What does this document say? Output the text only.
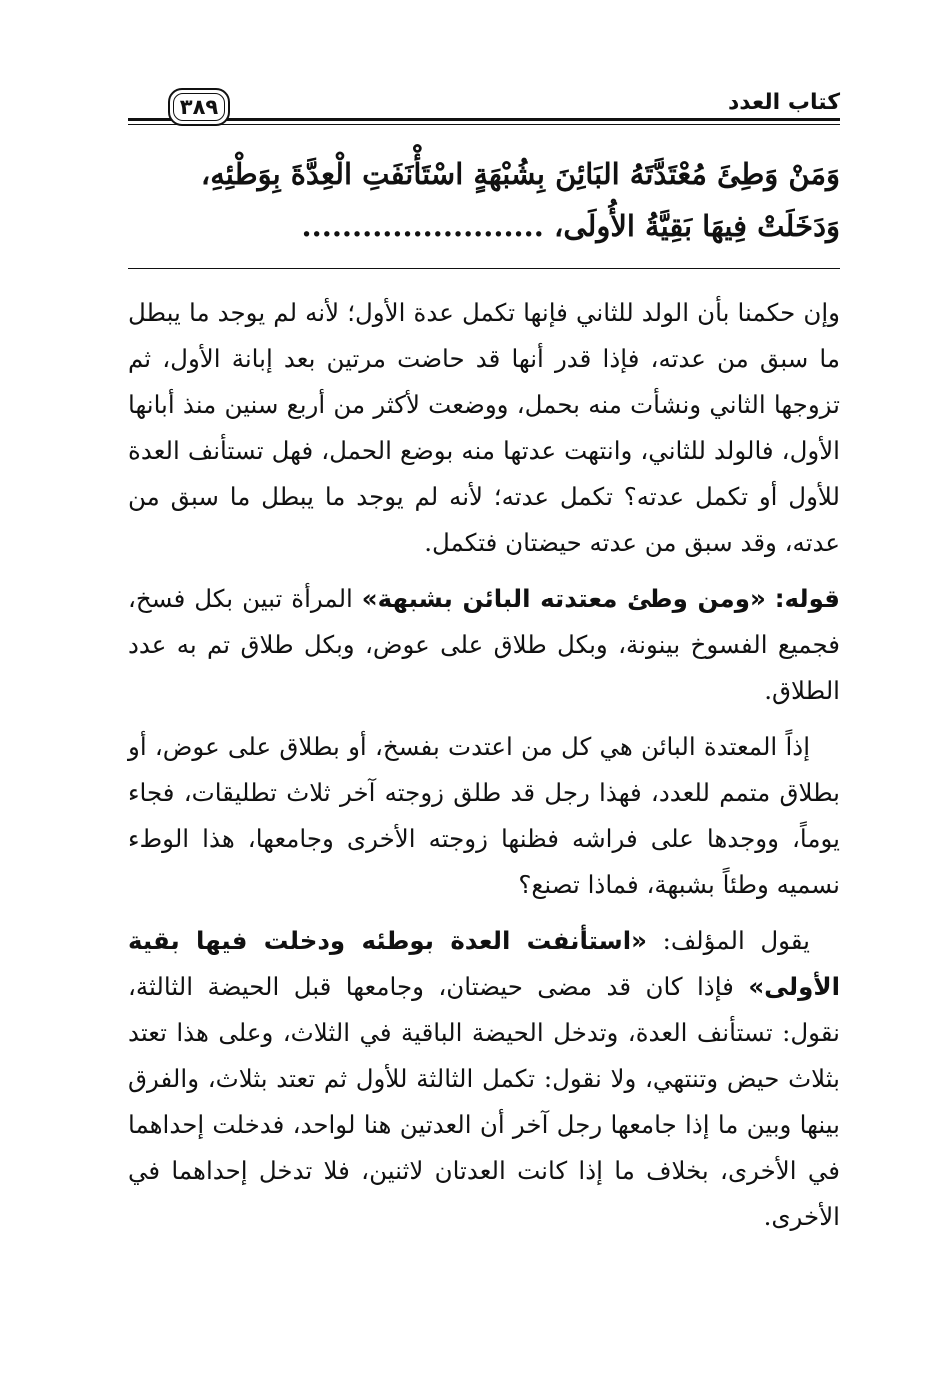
٣٨٩	كتاب العدد

وَمَنْ وَطِئَ مُعْتَدَّتَهُ البَائِنَ بِشُبْهَةٍ اسْتَأْنَفَتِ الْعِدَّةَ بِوَطْئِهِ،

وَدَخَلَتْ فِيهَا بَقِيَّةُ الأُولَى، ........................

وإن حكمنا بأن الولد للثاني فإنها تكمل عدة الأول؛ لأنه لم يوجد ما يبطل ما سبق من عدته، فإذا قدر أنها قد حاضت مرتين بعد إبانة الأول، ثم تزوجها الثاني ونشأت منه بحمل، ووضعت لأكثر من أربع سنين منذ أبانها الأول، فالولد للثاني، وانتهت عدتها منه بوضع الحمل، فهل تستأنف العدة للأول أو تكمل عدته؟ تكمل عدته؛ لأنه لم يوجد ما يبطل ما سبق من عدته، وقد سبق من عدته حيضتان فتكمل.

قوله: «ومن وطئ معتدته البائن بشبهة» المرأة تبين بكل فسخ، فجميع الفسوخ بينونة، وبكل طلاق على عوض، وبكل طلاق تم به عدد الطلاق.

إذاً المعتدة البائن هي كل من اعتدت بفسخ، أو بطلاق على عوض، أو بطلاق متمم للعدد، فهذا رجل قد طلق زوجته آخر ثلاث تطليقات، فجاء يوماً، ووجدها على فراشه فظنها زوجته الأخرى وجامعها، هذا الوطء نسميه وطئاً بشبهة، فماذا تصنع؟

يقول المؤلف: «استأنفت العدة بوطئه ودخلت فيها بقية الأولى» فإذا كان قد مضى حيضتان، وجامعها قبل الحيضة الثالثة، نقول: تستأنف العدة، وتدخل الحيضة الباقية في الثلاث، وعلى هذا تعتد بثلاث حيض وتنتهي، ولا نقول: تكمل الثالثة للأول ثم تعتد بثلاث، والفرق بينها وبين ما إذا جامعها رجل آخر أن العدتين هنا لواحد، فدخلت إحداهما في الأخرى، بخلاف ما إذا كانت العدتان لاثنين، فلا تدخل إحداهما في الأخرى.
